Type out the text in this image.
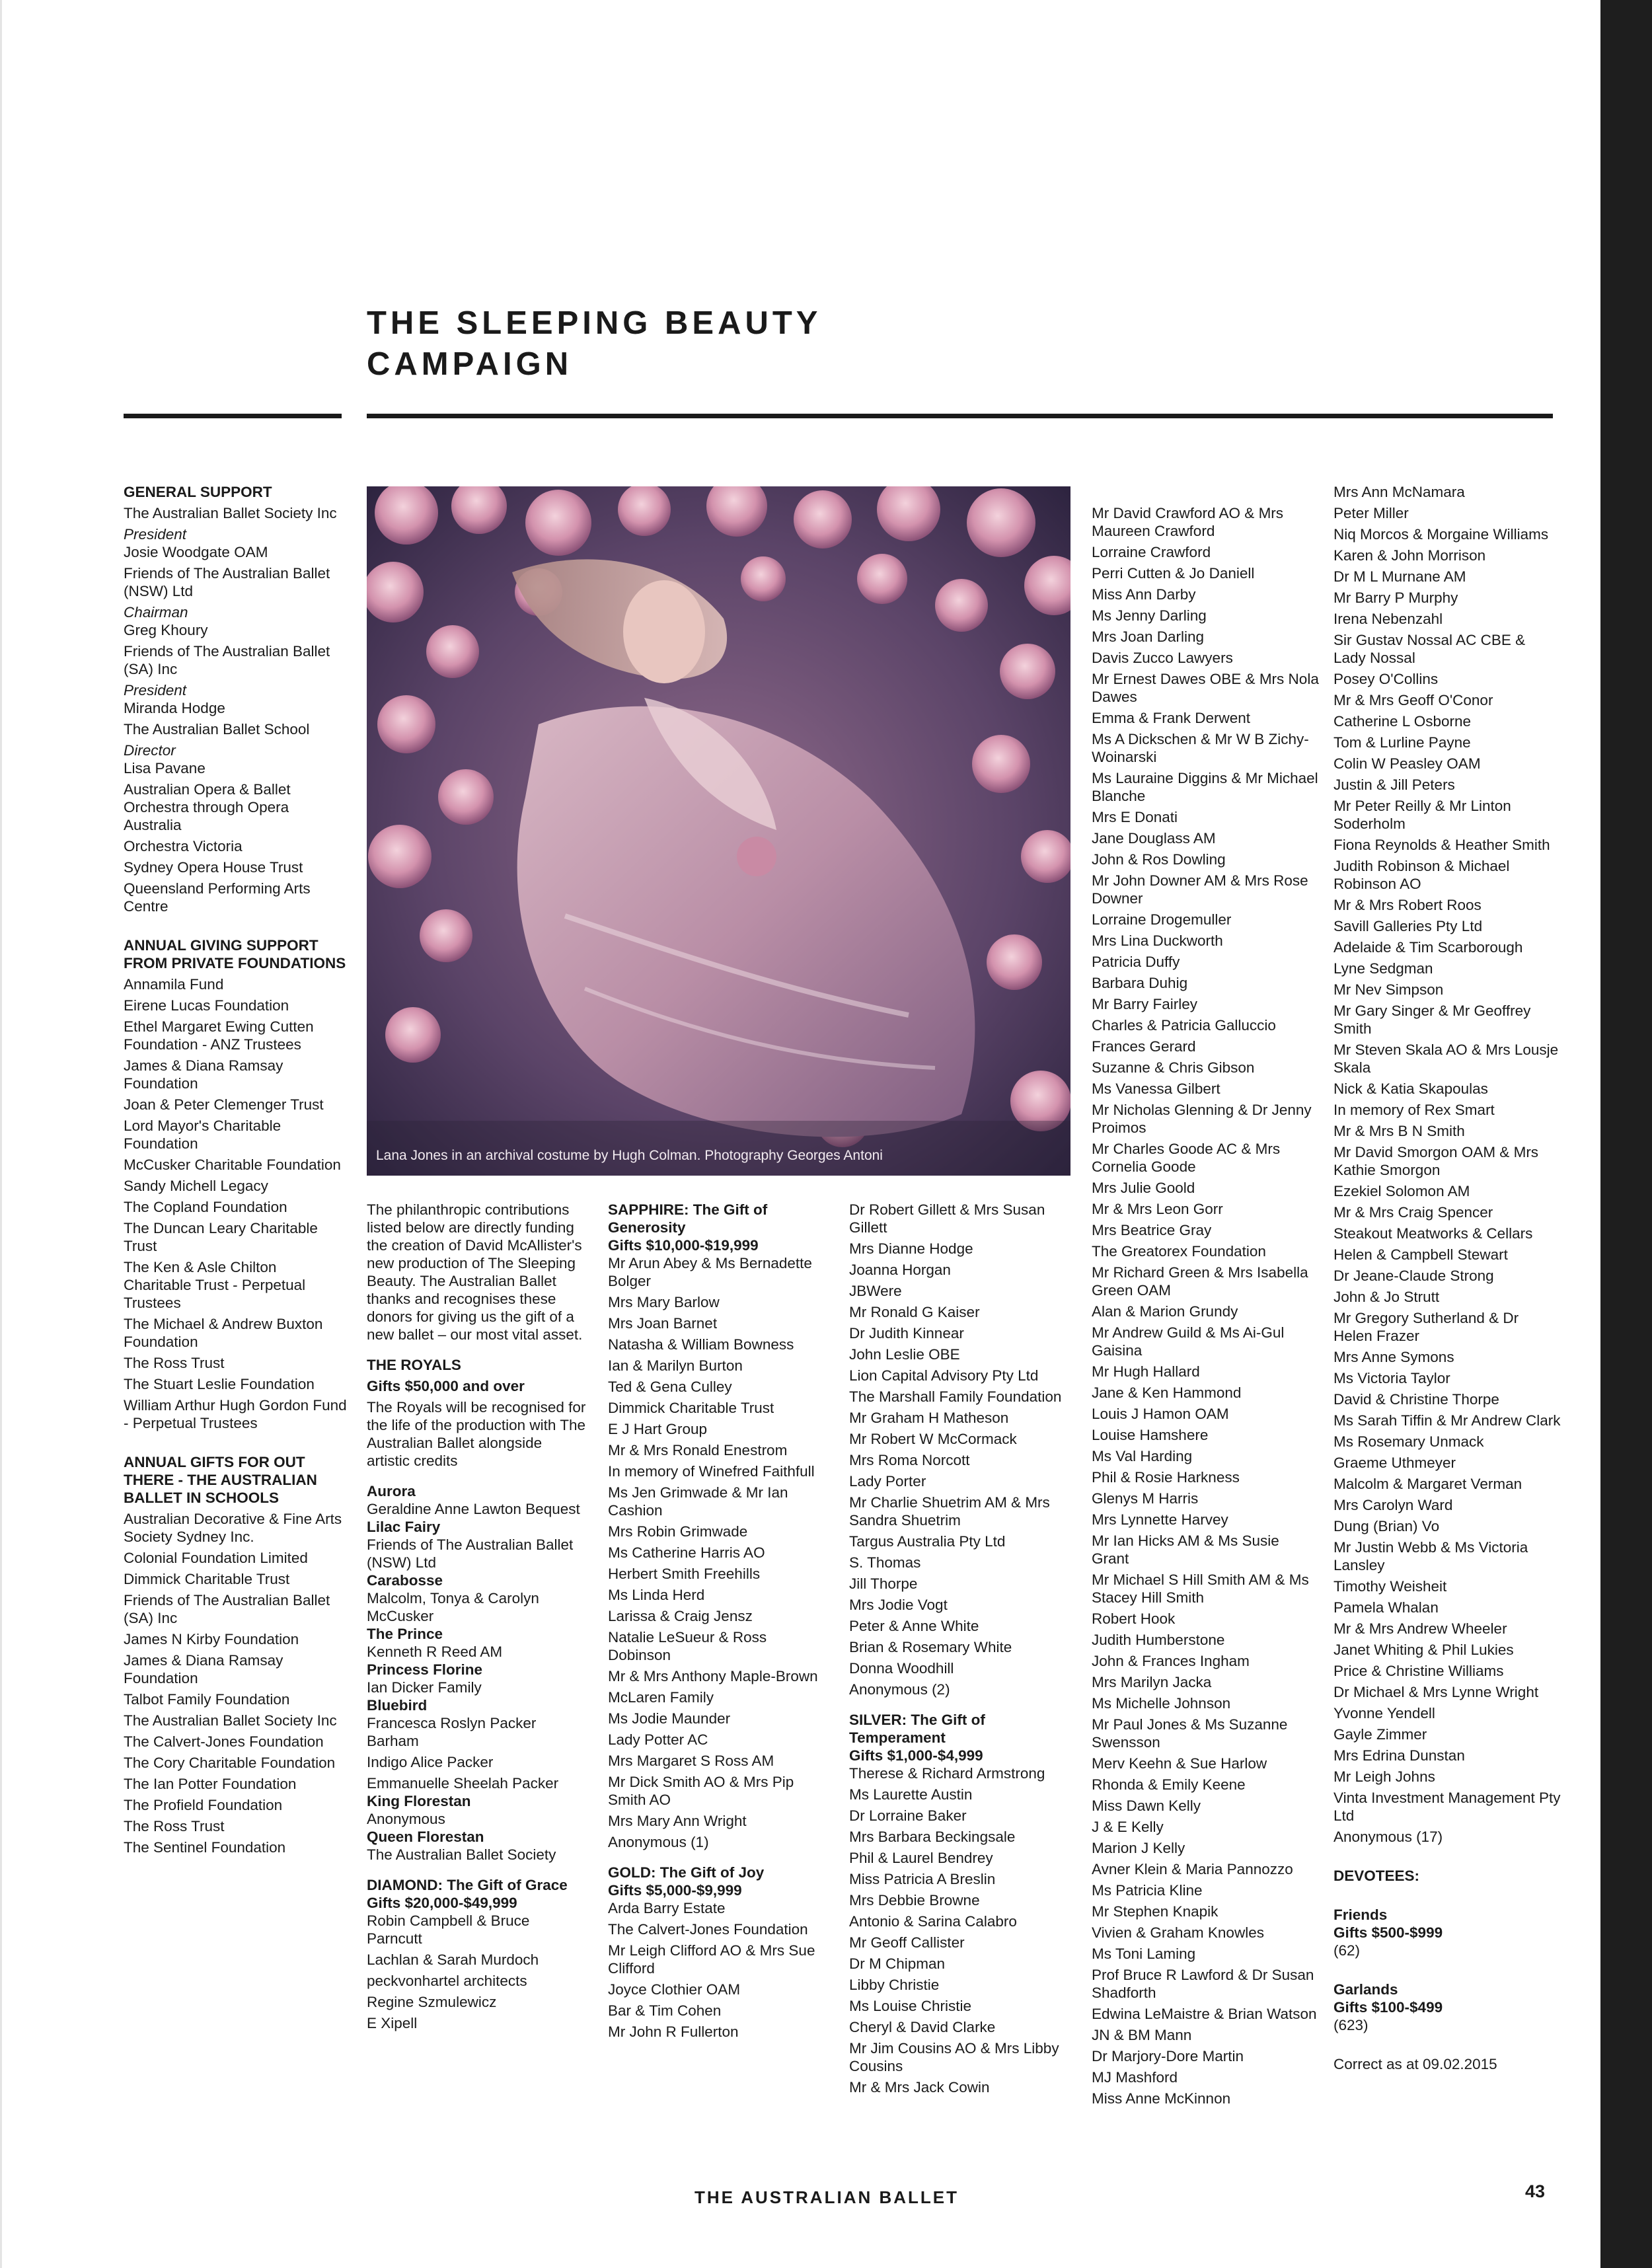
THE SLEEPING BEAUTY
CAMPAIGN
GENERAL SUPPORT
The Australian Ballet Society Inc
President
Josie Woodgate OAM
Friends of The Australian Ballet (NSW) Ltd
Chairman
Greg Khoury
Friends of The Australian Ballet (SA) Inc
President
Miranda Hodge
The Australian Ballet School
Director
Lisa Pavane
Australian Opera & Ballet Orchestra through Opera Australia
Orchestra Victoria
Sydney Opera House Trust
Queensland Performing Arts Centre
ANNUAL GIVING SUPPORT FROM PRIVATE FOUNDATIONS
Annamila Fund
Eirene Lucas Foundation
Ethel Margaret Ewing Cutten Foundation - ANZ Trustees
James & Diana Ramsay Foundation
Joan & Peter Clemenger Trust
Lord Mayor's Charitable Foundation
McCusker Charitable Foundation
Sandy Michell Legacy
The Copland Foundation
The Duncan Leary Charitable Trust
The Ken & Asle Chilton Charitable Trust - Perpetual Trustees
The Michael & Andrew Buxton Foundation
The Ross Trust
The Stuart Leslie Foundation
William Arthur Hugh Gordon Fund - Perpetual Trustees
ANNUAL GIFTS FOR OUT THERE - THE AUSTRALIAN BALLET IN SCHOOLS
Australian Decorative & Fine Arts Society Sydney Inc.
Colonial Foundation Limited
Dimmick Charitable Trust
Friends of The Australian Ballet (SA) Inc
James N Kirby Foundation
James & Diana Ramsay Foundation
Talbot Family Foundation
The Australian Ballet Society Inc
The Calvert-Jones Foundation
The Cory Charitable Foundation
The Ian Potter Foundation
The Profield Foundation
The Ross Trust
The Sentinel Foundation
Lana Jones in an archival costume by Hugh Colman. Photography Georges Antoni
The philanthropic contributions listed below are directly funding the creation of David McAllister's new production of The Sleeping Beauty. The Australian Ballet thanks and recognises these donors for giving us the gift of a new ballet – our most vital asset.
THE ROYALS
Gifts $50,000 and over
The Royals will be recognised for the life of the production with The Australian Ballet alongside artistic credits
Aurora
Geraldine Anne Lawton Bequest
Lilac Fairy
Friends of The Australian Ballet (NSW) Ltd
Carabosse
Malcolm, Tonya & Carolyn McCusker
The Prince
Kenneth R Reed AM
Princess Florine
Ian Dicker Family
Bluebird
Francesca Roslyn Packer Barham
Indigo Alice Packer
Emmanuelle Sheelah Packer
King Florestan
Anonymous
Queen Florestan
The Australian Ballet Society
DIAMOND: The Gift of Grace
Gifts $20,000-$49,999
Robin Campbell & Bruce Parncutt
Lachlan & Sarah Murdoch
peckvonhartel architects
Regine Szmulewicz
E Xipell
SAPPHIRE: The Gift of Generosity
Gifts $10,000-$19,999
Mr Arun Abey & Ms Bernadette Bolger
Mrs Mary Barlow
Mrs Joan Barnet
Natasha & William Bowness
Ian & Marilyn Burton
Ted & Gena Culley
Dimmick Charitable Trust
E J Hart Group
Mr & Mrs Ronald Enestrom
In memory of Winefred Faithfull
Ms Jen Grimwade & Mr Ian Cashion
Mrs Robin Grimwade
Ms Catherine Harris AO
Herbert Smith Freehills
Ms Linda Herd
Larissa & Craig Jensz
Natalie LeSueur & Ross Dobinson
Mr & Mrs Anthony Maple-Brown
McLaren Family
Ms Jodie Maunder
Lady Potter AC
Mrs Margaret S Ross AM
Mr Dick Smith AO & Mrs Pip Smith AO
Mrs Mary Ann Wright
Anonymous (1)
GOLD: The Gift of Joy
Gifts $5,000-$9,999
Arda Barry Estate
The Calvert-Jones Foundation
Mr Leigh Clifford AO & Mrs Sue Clifford
Joyce Clothier OAM
Bar & Tim Cohen
Mr John R Fullerton
Dr Robert Gillett & Mrs Susan Gillett
Mrs Dianne Hodge
Joanna Horgan
JBWere
Mr Ronald G Kaiser
Dr Judith Kinnear
John Leslie OBE
Lion Capital Advisory Pty Ltd
The Marshall Family Foundation
Mr Graham H Matheson
Mr Robert W McCormack
Mrs Roma Norcott
Lady Porter
Mr Charlie Shuetrim AM & Mrs Sandra Shuetrim
Targus Australia Pty Ltd
S. Thomas
Jill Thorpe
Mrs Jodie Vogt
Peter & Anne White
Brian & Rosemary White
Donna Woodhill
Anonymous (2)
SILVER: The Gift of Temperament
Gifts $1,000-$4,999
Therese & Richard Armstrong
Ms Laurette Austin
Dr Lorraine Baker
Mrs Barbara Beckingsale
Phil & Laurel Bendrey
Miss Patricia A Breslin
Mrs Debbie Browne
Antonio & Sarina Calabro
Mr Geoff Callister
Dr M Chipman
Libby Christie
Ms Louise Christie
Cheryl & David Clarke
Mr Jim Cousins AO & Mrs Libby Cousins
Mr & Mrs Jack Cowin
Mr David Crawford AO & Mrs Maureen Crawford
Lorraine Crawford
Perri Cutten & Jo Daniell
Miss Ann Darby
Ms Jenny Darling
Mrs Joan Darling
Davis Zucco Lawyers
Mr Ernest Dawes OBE & Mrs Nola Dawes
Emma & Frank Derwent
Ms A Dickschen & Mr W B Zichy-Woinarski
Ms Lauraine Diggins & Mr Michael Blanche
Mrs E Donati
Jane Douglass AM
John & Ros Dowling
Mr John Downer AM & Mrs Rose Downer
Lorraine Drogemuller
Mrs Lina Duckworth
Patricia Duffy
Barbara Duhig
Mr Barry Fairley
Charles & Patricia Galluccio
Frances Gerard
Suzanne & Chris Gibson
Ms Vanessa Gilbert
Mr Nicholas Glenning & Dr Jenny Proimos
Mr Charles Goode AC & Mrs Cornelia Goode
Mrs Julie Goold
Mr & Mrs Leon Gorr
Mrs Beatrice Gray
The Greatorex Foundation
Mr Richard Green & Mrs Isabella Green OAM
Alan & Marion Grundy
Mr Andrew Guild & Ms Ai-Gul Gaisina
Mr Hugh Hallard
Jane & Ken Hammond
Louis J Hamon OAM
Louise Hamshere
Ms Val Harding
Phil & Rosie Harkness
Glenys M Harris
Mrs Lynnette Harvey
Mr Ian Hicks AM & Ms Susie Grant
Mr Michael S Hill Smith AM & Ms Stacey Hill Smith
Robert Hook
Judith Humberstone
John & Frances Ingham
Mrs Marilyn Jacka
Ms Michelle Johnson
Mr Paul Jones & Ms Suzanne Swensson
Merv Keehn & Sue Harlow
Rhonda & Emily Keene
Miss Dawn Kelly
J & E Kelly
Marion J Kelly
Avner Klein & Maria Pannozzo
Ms Patricia Kline
Mr Stephen Knapik
Vivien & Graham Knowles
Ms Toni Laming
Prof Bruce R Lawford & Dr Susan Shadforth
Edwina LeMaistre & Brian Watson
JN & BM Mann
Dr Marjory-Dore Martin
MJ Mashford
Miss Anne McKinnon
Mrs Ann McNamara
Peter Miller
Niq Morcos & Morgaine Williams
Karen & John Morrison
Dr M L Murnane AM
Mr Barry P Murphy
Irena Nebenzahl
Sir Gustav Nossal AC CBE & Lady Nossal
Posey O'Collins
Mr & Mrs Geoff O'Conor
Catherine L Osborne
Tom & Lurline Payne
Colin W Peasley OAM
Justin & Jill Peters
Mr Peter Reilly & Mr Linton Soderholm
Fiona Reynolds & Heather Smith
Judith Robinson & Michael Robinson AO
Mr & Mrs Robert Roos
Savill Galleries Pty Ltd
Adelaide & Tim Scarborough
Lyne Sedgman
Mr Nev Simpson
Mr Gary Singer & Mr Geoffrey Smith
Mr Steven Skala AO & Mrs Lousje Skala
Nick & Katia Skapoulas
In memory of Rex Smart
Mr & Mrs B N Smith
Mr David Smorgon OAM & Mrs Kathie Smorgon
Ezekiel Solomon AM
Mr & Mrs Craig Spencer
Steakout Meatworks & Cellars
Helen & Campbell Stewart
Dr Jeane-Claude Strong
John & Jo Strutt
Mr Gregory Sutherland & Dr Helen Frazer
Mrs Anne Symons
Ms Victoria Taylor
David & Christine Thorpe
Ms Sarah Tiffin & Mr Andrew Clark
Ms Rosemary Unmack
Graeme Uthmeyer
Malcolm & Margaret Verman
Mrs Carolyn Ward
Dung (Brian) Vo
Mr Justin Webb & Ms Victoria Lansley
Timothy Weisheit
Pamela Whalan
Mr & Mrs Andrew Wheeler
Janet Whiting & Phil Lukies
Price & Christine Williams
Dr Michael & Mrs Lynne Wright
Yvonne Yendell
Gayle Zimmer
Mrs Edrina Dunstan
Mr Leigh Johns
Vinta Investment Management Pty Ltd
Anonymous (17)
DEVOTEES:
Friends
Gifts $500-$999
(62)
Garlands
Gifts $100-$499
(623)
Correct as at 09.02.2015
THE AUSTRALIAN BALLET	43
